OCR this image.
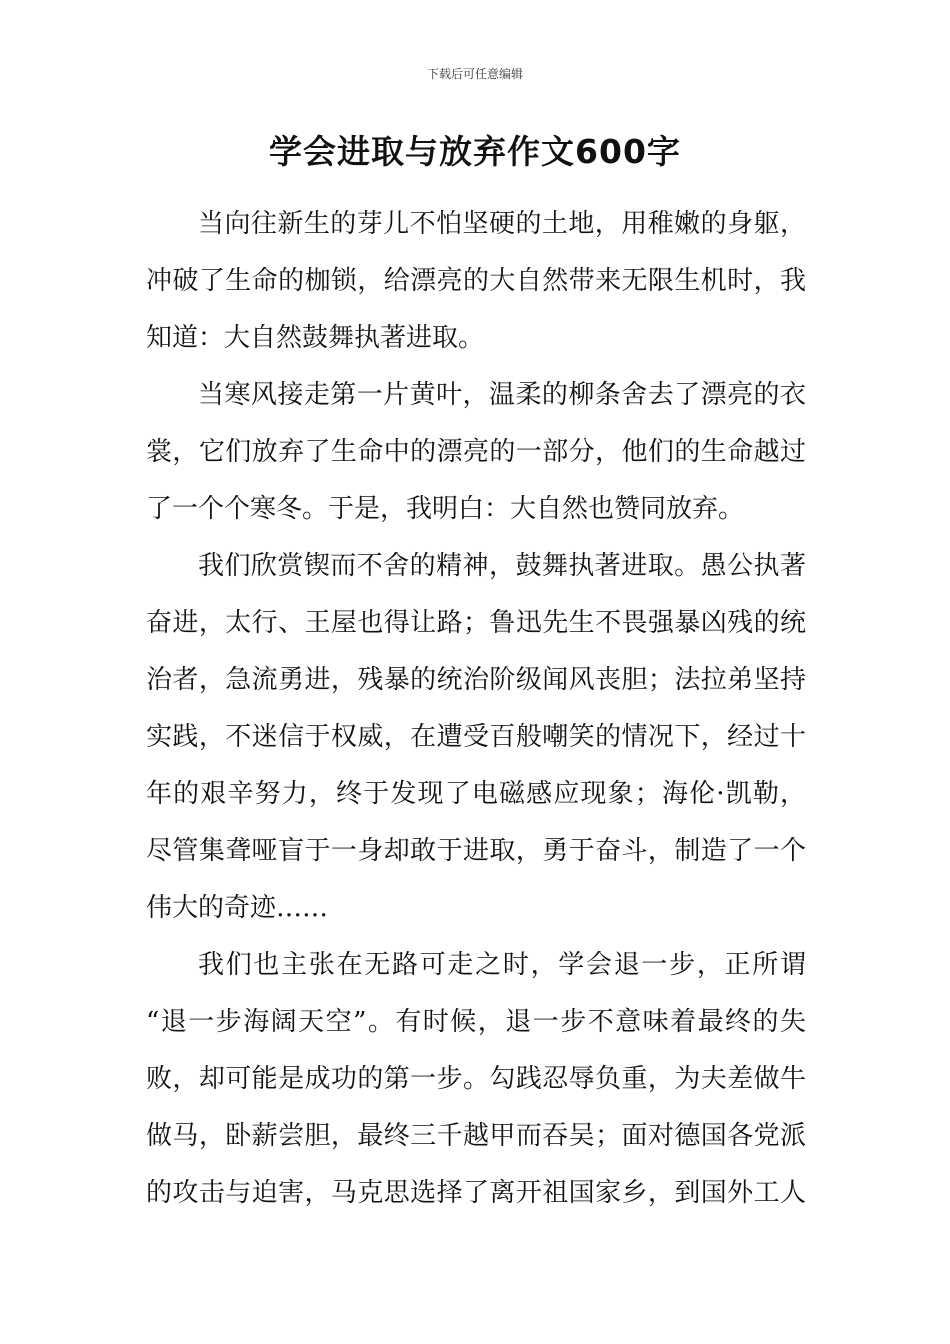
下载后可任意编辑
学会进取与放弃作文600字

当向往新生的芽儿不怕坚硬的土地，用稚嫩的身躯，
冲破了生命的枷锁，给漂亮的大自然带来无限生机时，我
知道：大自然鼓舞执著进取。

当寒风接走第一片黄叶，温柔的柳条舍去了漂亮的衣
裳，它们放弃了生命中的漂亮的一部分，他们的生命越过
了一个个寒冬。于是，我明白：大自然也赞同放弃。

我们欣赏锲而不舍的精神，鼓舞执著进取。愚公执著
奋进，太行、王屋也得让路；鲁迅先生不畏强暴凶残的统
治者，急流勇进，残暴的统治阶级闻风丧胆；法拉弟坚持
实践，不迷信于权威，在遭受百般嘲笑的情况下，经过十
年的艰辛努力，终于发现了电磁感应现象；海伦·凯勒，
尽管集聋哑盲于一身却敢于进取，勇于奋斗，制造了一个
伟大的奇迹……

我们也主张在无路可走之时，学会退一步，正所谓
“退一步海阔天空”。有时候，退一步不意味着最终的失
败，却可能是成功的第一步。勾践忍辱负重，为夫差做牛
做马，卧薪尝胆，最终三千越甲而吞吴；面对德国各党派
的攻击与迫害，马克思选择了离开祖国家乡，到国外工人
